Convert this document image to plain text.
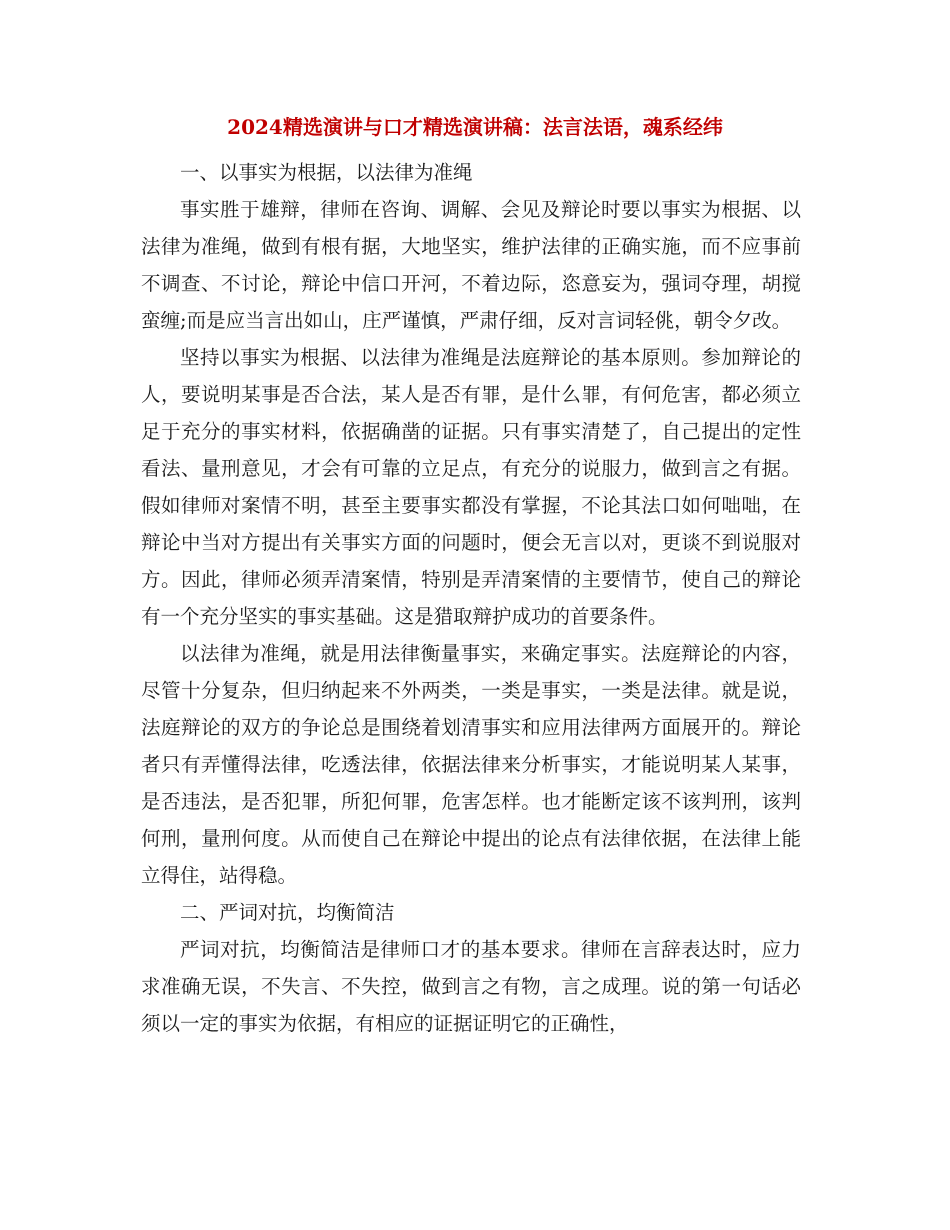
2024精选演讲与口才精选演讲稿：法言法语，魂系经纬

一、以事实为根据，以法律为准绳

事实胜于雄辩，律师在咨询、调解、会见及辩论时要以事实为根据、以法律为准绳，做到有根有据，大地坚实，维护法律的正确实施，而不应事前不调查、不讨论，辩论中信口开河，不着边际，恣意妄为，强词夺理，胡搅蛮缠;而是应当言出如山，庄严谨慎，严肃仔细，反对言词轻佻，朝令夕改。

坚持以事实为根据、以法律为准绳是法庭辩论的基本原则。参加辩论的人，要说明某事是否合法，某人是否有罪，是什么罪，有何危害，都必须立足于充分的事实材料，依据确凿的证据。只有事实清楚了，自己提出的定性看法、量刑意见，才会有可靠的立足点，有充分的说服力，做到言之有据。假如律师对案情不明，甚至主要事实都没有掌握，不论其法口如何咄咄，在辩论中当对方提出有关事实方面的问题时，便会无言以对，更谈不到说服对方。因此，律师必须弄清案情，特别是弄清案情的主要情节，使自己的辩论有一个充分坚实的事实基础。这是猎取辩护成功的首要条件。

以法律为准绳，就是用法律衡量事实，来确定事实。法庭辩论的内容，尽管十分复杂，但归纳起来不外两类，一类是事实，一类是法律。就是说，法庭辩论的双方的争论总是围绕着划清事实和应用法律两方面展开的。辩论者只有弄懂得法律，吃透法律，依据法律来分析事实，才能说明某人某事，是否违法，是否犯罪，所犯何罪，危害怎样。也才能断定该不该判刑，该判何刑，量刑何度。从而使自己在辩论中提出的论点有法律依据，在法律上能立得住，站得稳。

二、严词对抗，均衡简洁

严词对抗，均衡简洁是律师口才的基本要求。律师在言辞表达时，应力求准确无误，不失言、不失控，做到言之有物，言之成理。说的第一句话必须以一定的事实为依据，有相应的证据证明它的正确性，
